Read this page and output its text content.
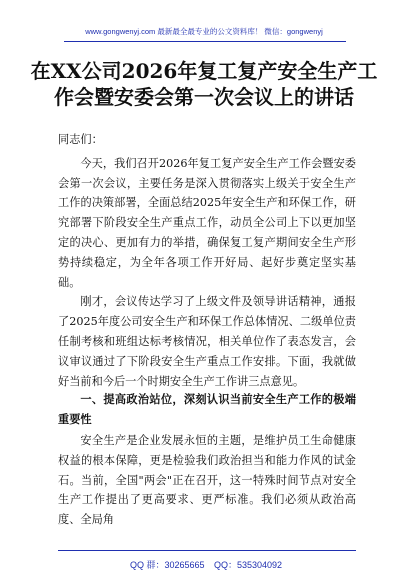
www.gongwenyj.com 最新最全最专业的公文资料库！ 微信：gongwenyj
在XX公司2026年复工复产安全生产工
作会暨安委会第一次会议上的讲话

同志们：

今天，我们召开2026年复工复产安全生产工作会暨安委会第一次会议，主要任务是深入贯彻落实上级关于安全生产工作的决策部署，全面总结2025年安全生产和环保工作，研究部署下阶段安全生产重点工作，动员全公司上下以更加坚定的决心、更加有力的举措，确保复工复产期间安全生产形势持续稳定，为全年各项工作开好局、起好步奠定坚实基础。

刚才，会议传达学习了上级文件及领导讲话精神，通报了2025年度公司安全生产和环保工作总体情况、二级单位责任制考核和班组达标考核情况，相关单位作了表态发言，会议审议通过了下阶段安全生产重点工作安排。下面，我就做好当前和今后一个时期安全生产工作讲三点意见。

一、提高政治站位，深刻认识当前安全生产工作的极端重要性

安全生产是企业发展永恒的主题，是维护员工生命健康权益的根本保障，更是检验我们政治担当和能力作风的试金石。当前，全国"两会"正在召开，这一特殊时间节点对安全生产工作提出了更高要求、更严标准。我们必须从政治高度、全局角

QQ 群：30265665 QQ：535304092
